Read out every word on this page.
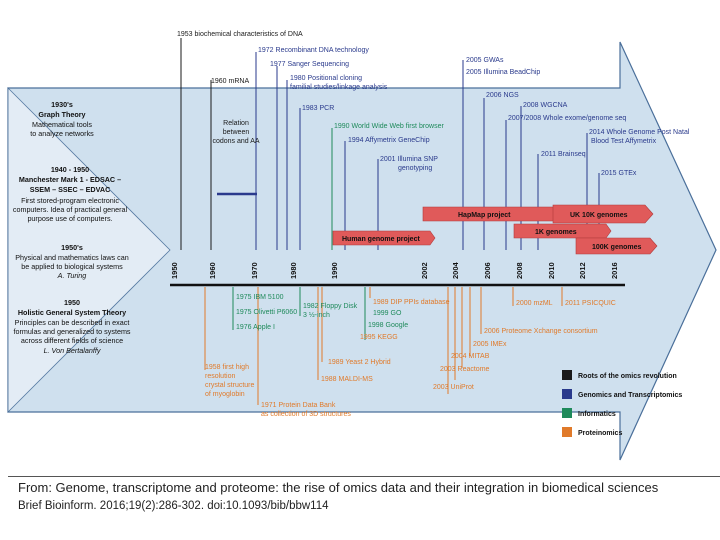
1930's
Graph Theory
Mathematical tools
to analyze networks
1940 - 1950
Manchester Mark 1 - EDSAC –
SSEM – SSEC – EDVAC
First stored-program electronic
computers. Idea of practical general
purpose use of computers.
1950's
Physical and mathematics laws can
be applied to biological systems
A. Turing
1950
Holistic General System Theory
Principles can be described in exact
formulas and generalized to systems
across different fields of science
L. Von Bertalanffy
1950	1960	1970	1980	1990	2002	2004	2006	2008	2010	2012	2016
1953 biochemical characteristics of DNA
1960 mRNA
1972 Recombinant DNA technology
1977 Sanger Sequencing
1980 Positional cloning
familial studies/linkage analysis
1983 PCR
Relation
between
codons and AA
1990 World Wide Web first browser
1994 Affymetrix GeneChip
2001 Illumina SNP
genotyping
2005 GWAs
2005 Illumina BeadChip
2006 NGS
2008 WGCNA
2007/2008 Whole exome/genome seq
2011 Brainseq
2014 Whole Genome Post Natal
Blood Test Affymetrix
2015 GTEx
HapMap project	UK 10K genomes
1K genomes
Human genome project
100K genomes
1975 IBM 5100
1975 Olivetti P6060
1976 Apple I
1982 Floppy Disk
3 ½-inch
1989 DIP PPIs database
1999 GO
1998 Google
1995 KEGG
2000 mzML 2011 PSICQUIC
2006 Proteome Xchange consortium
2005 IMEx
2004 MITAB
2003 Reactome
2003 UniProt
1989 Yeast 2 Hybrid
1988 MALDI-MS
1958 first high
resolution
crystal structure
of myoglobin
1971 Protein Data Bank
as collection of 3D structures
Roots of the omics revolution
Genomics and Transcriptomics
Informatics
Proteinomics
From: Genome, transcriptome and proteome: the rise of omics data and their integration in biomedical sciences
Brief Bioinform. 2016;19(2):286-302. doi:10.1093/bib/bbw114
